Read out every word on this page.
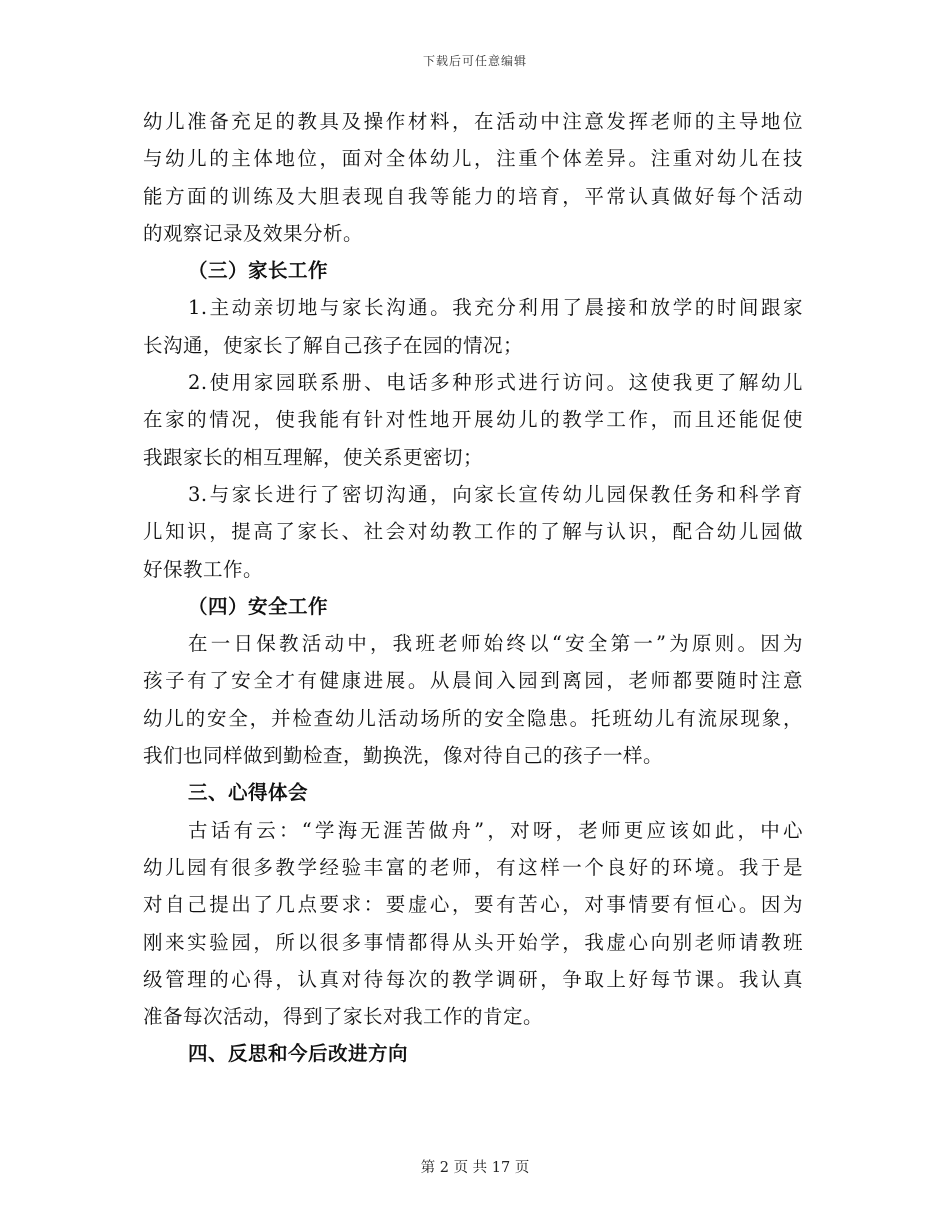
下载后可任意编辑
幼儿准备充足的教具及操作材料，在活动中注意发挥老师的主导地位
与幼儿的主体地位，面对全体幼儿，注重个体差异。注重对幼儿在技
能方面的训练及大胆表现自我等能力的培育，平常认真做好每个活动
的观察记录及效果分析。
（三）家长工作
1.主动亲切地与家长沟通。我充分利用了晨接和放学的时间跟家
长沟通，使家长了解自己孩子在园的情况；
2.使用家园联系册、电话多种形式进行访问。这使我更了解幼儿
在家的情况，使我能有针对性地开展幼儿的教学工作，而且还能促使
我跟家长的相互理解，使关系更密切；
3.与家长进行了密切沟通，向家长宣传幼儿园保教任务和科学育
儿知识，提高了家长、社会对幼教工作的了解与认识，配合幼儿园做
好保教工作。
（四）安全工作
在一日保教活动中，我班老师始终以“安全第一”为原则。因为
孩子有了安全才有健康进展。从晨间入园到离园，老师都要随时注意
幼儿的安全，并检查幼儿活动场所的安全隐患。托班幼儿有流尿现象，
我们也同样做到勤检查，勤换洗，像对待自己的孩子一样。
三、心得体会
古话有云：“学海无涯苦做舟”，对呀，老师更应该如此，中心
幼儿园有很多教学经验丰富的老师，有这样一个良好的环境。我于是
对自己提出了几点要求：要虚心，要有苦心，对事情要有恒心。因为
刚来实验园，所以很多事情都得从头开始学，我虚心向别老师请教班
级管理的心得，认真对待每次的教学调研，争取上好每节课。我认真
准备每次活动，得到了家长对我工作的肯定。
四、反思和今后改进方向
第 2 页 共 17 页
